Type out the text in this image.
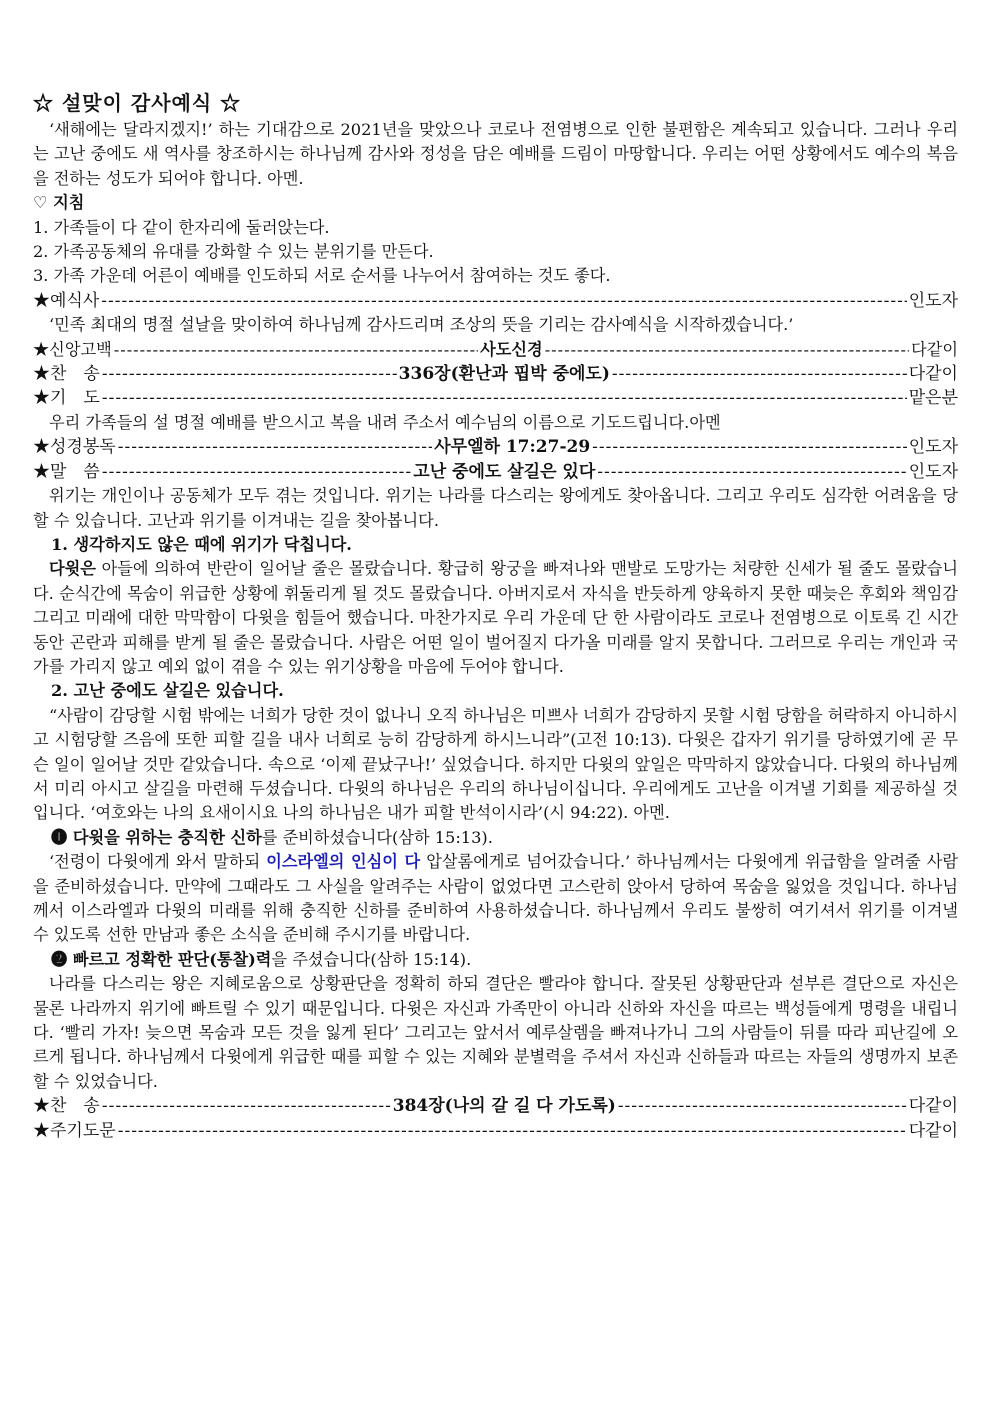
☆ 설맞이 감사예식 ☆
‘새해에는 달라지겠지!’ 하는 기대감으로 2021년을 맞았으나 코로나 전염병으로 인한 불편함은 계속되고 있습니다. 그러나 우리는 고난 중에도 새 역사를 창조하시는 하나님께 감사와 정성을 담은 예배를 드림이 마땅합니다. 우리는 어떤 상황에서도 예수의 복음을 전하는 성도가 되어야 합니다. 아멘.
♡ 지침
1. 가족들이 다 같이 한자리에 둘러앉는다.
2. 가족공동체의 유대를 강화할 수 있는 분위기를 만든다.
3. 가족 가운데 어른이 예배를 인도하되 서로 순서를 나누어서 참여하는 것도 좋다.
★예식사 -----	인도자
‘민족 최대의 명절 설날을 맞이하여 하나님께 감사드리며 조상의 뜻을 기리는 감사예식을 시작하겠습니다.’
★신앙고백 -----	사도신경 -----	다같이
★찬　송 -----	336장(환난과 핍박 중에도) -----	다같이
★기　도 -----	맡은분
우리 가족들의 설 명절 예배를 받으시고 복을 내려 주소서 예수님의 이름으로 기도드립니다.아멘
★성경봉독 -----	사무엘하 17:27-29 -----	인도자
★말　씀 -----	고난 중에도 살길은 있다 -----	인도자
위기는 개인이나 공동체가 모두 겪는 것입니다. 위기는 나라를 다스리는 왕에게도 찾아옵니다. 그리고 우리도 심각한 어려움을 당할 수 있습니다. 고난과 위기를 이겨내는 길을 찾아봅니다.
1. 생각하지도 않은 때에 위기가 닥칩니다.
다윗은 아들에 의하여 반란이 일어날 줄은 몰랐습니다. 황급히 왕궁을 빠져나와 맨발로 도망가는 처량한 신세가 될 줄도 몰랐습니다. 순식간에 목숨이 위급한 상황에 휘둘리게 될 것도 몰랐습니다. 아버지로서 자식을 반듯하게 양육하지 못한 때늦은 후회와 책임감 그리고 미래에 대한 막막함이 다윗을 힘들어 했습니다. 마찬가지로 우리 가운데 단 한 사람이라도 코로나 전염병으로 이토록 긴 시간 동안 곤란과 피해를 받게 될 줄은 몰랐습니다. 사람은 어떤 일이 벌어질지 다가올 미래를 알지 못합니다. 그러므로 우리는 개인과 국가를 가리지 않고 예외 없이 겪을 수 있는 위기상황을 마음에 두어야 합니다.
2. 고난 중에도 살길은 있습니다.
“사람이 감당할 시험 밖에는 너희가 당한 것이 없나니 오직 하나님은 미쁘사 너희가 감당하지 못할 시험 당함을 허락하지 아니하시고 시험당할 즈음에 또한 피할 길을 내사 너희로 능히 감당하게 하시느니라”(고전 10:13). 다윗은 갑자기 위기를 당하였기에 곧 무슨 일이 일어날 것만 같았습니다. 속으로 ‘이제 끝났구나!’ 싶었습니다. 하지만 다윗의 앞일은 막막하지 않았습니다. 다윗의 하나님께서 미리 아시고 살길을 마련해 두셨습니다. 다윗의 하나님은 우리의 하나님이십니다. 우리에게도 고난을 이겨낼 기회를 제공하실 것입니다. ‘여호와는 나의 요새이시요 나의 하나님은 내가 피할 반석이시라’(시 94:22). 아멘.
❶ 다윗을 위하는 충직한 신하를 준비하셨습니다(삼하 15:13).
‘전령이 다윗에게 와서 말하되 이스라엘의 인심이 다 압살롬에게로 넘어갔습니다.’ 하나님께서는 다윗에게 위급함을 알려줄 사람을 준비하셨습니다. 만약에 그때라도 그 사실을 알려주는 사람이 없었다면 고스란히 앉아서 당하여 목숨을 잃었을 것입니다. 하나님께서 이스라엘과 다윗의 미래를 위해 충직한 신하를 준비하여 사용하셨습니다. 하나님께서 우리도 불쌍히 여기셔서 위기를 이겨낼 수 있도록 선한 만남과 좋은 소식을 준비해 주시기를 바랍니다.
❷ 빠르고 정확한 판단(통찰)력을 주셨습니다(삼하 15:14).
나라를 다스리는 왕은 지혜로움으로 상황판단을 정확히 하되 결단은 빨라야 합니다. 잘못된 상황판단과 섣부른 결단으로 자신은 물론 나라까지 위기에 빠트릴 수 있기 때문입니다. 다윗은 자신과 가족만이 아니라 신하와 자신을 따르는 백성들에게 명령을 내립니다. ‘빨리 가자! 늦으면 목숨과 모든 것을 잃게 된다’ 그리고는 앞서서 예루살렘을 빠져나가니 그의 사람들이 뒤를 따라 피난길에 오르게 됩니다. 하나님께서 다윗에게 위급한 때를 피할 수 있는 지혜와 분별력을 주셔서 자신과 신하들과 따르는 자들의 생명까지 보존할 수 있었습니다.
★찬　송 -----	384장(나의 갈 길 다 가도록) -----	다같이
★주기도문 -----	다같이
